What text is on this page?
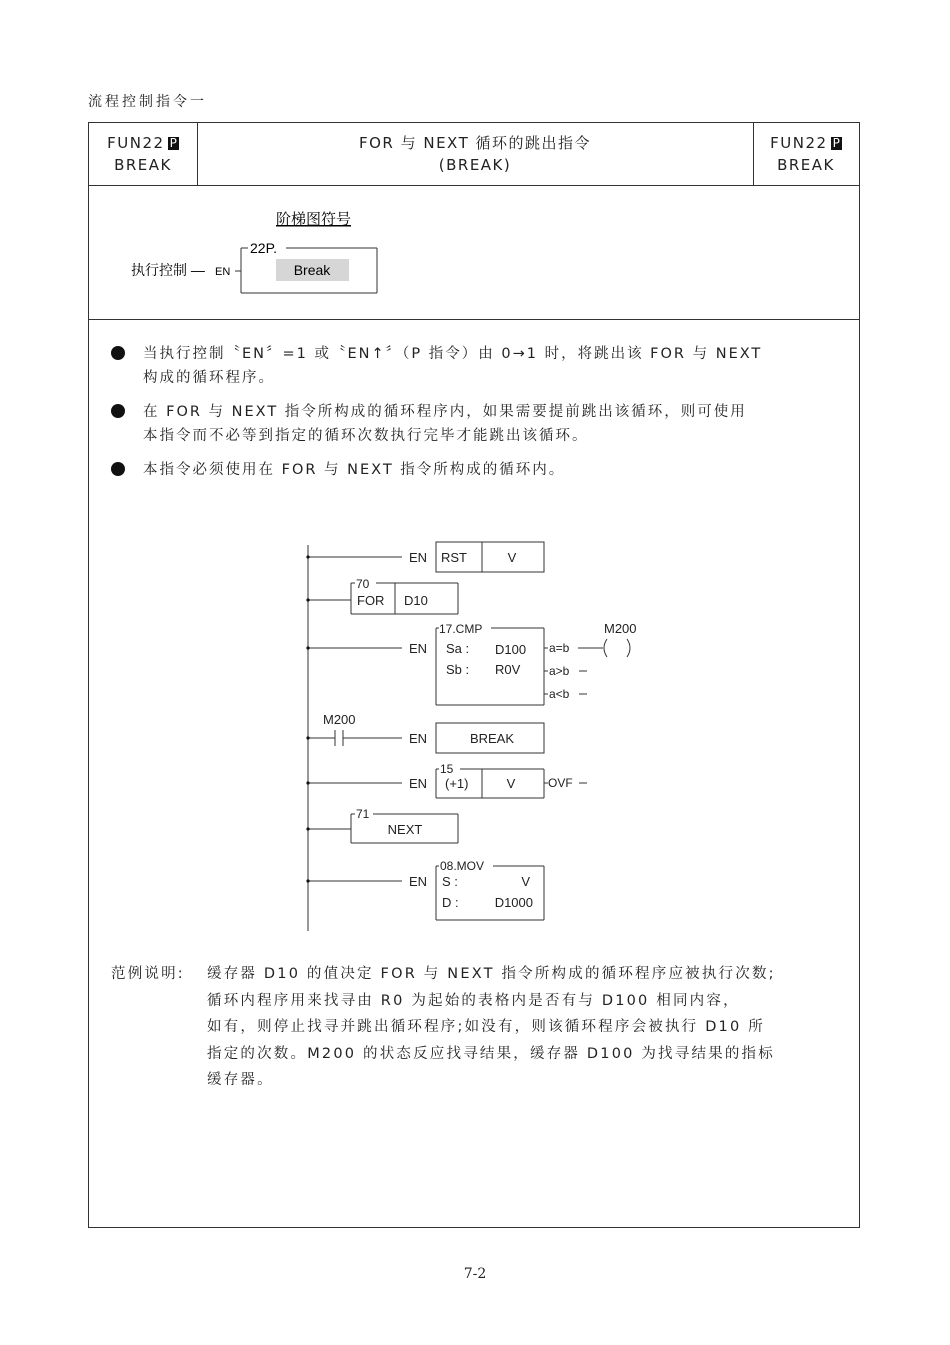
流程控制指令一
FUN22 P
BREAK
FOR 与 NEXT 循环的跳出指令
(BREAK)
FUN22 P
BREAK
阶梯图符号
22P.
Break
执行控制 — EN
当执行控制〝EN〞=1 或〝EN↑〞（P 指令）由 0→1 时，将跳出该 FOR 与 NEXT
构成的循环程序。
在 FOR 与 NEXT 指令所构成的循环程序内，如果需要提前跳出该循环，则可使用
本指令而不必等到指定的循环次数执行完毕才能跳出该循环。
本指令必须使用在 FOR 与 NEXT 指令所构成的循环内。
EN RST	V
70
FOR D10
EN
17.CMP
Sa : D100
Sb : R0V
a=b
a>b
a<b
M200
M200
EN	BREAK
15
EN (+1)	V	OVF
71
NEXT
08.MOV
EN S :	V
D :	D1000
范例说明: 缓存器 D10 的值决定 FOR 与 NEXT 指令所构成的循环程序应被执行次数;
循环内程序用来找寻由 R0 为起始的表格内是否有与 D100 相同内容，
如有，则停止找寻并跳出循环程序;如没有，则该循环程序会被执行 D10 所
指定的次数。M200 的状态反应找寻结果，缓存器 D100 为找寻结果的指标
缓存器。
7-2
